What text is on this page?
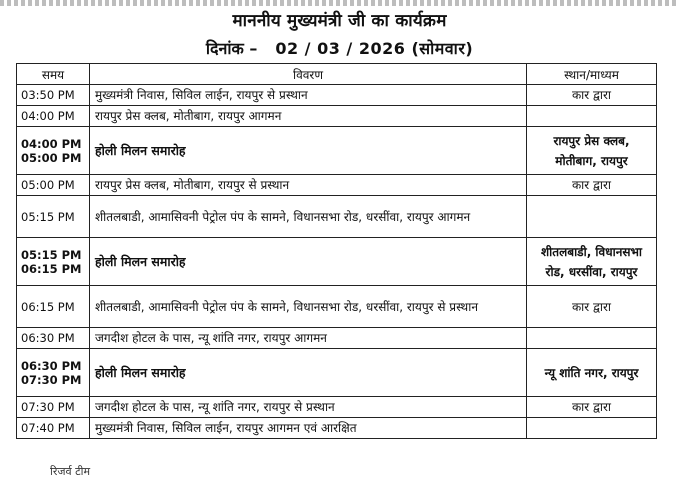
माननीय मुख्यमंत्री जी का कार्यक्रम
दिनांक – 02 / 03 / 2026 (सोमवार)
समय	विवरण	स्थान/माध्यम

03:50 PM	मुख्यमंत्री निवास, सिविल लाईन, रायपुर से प्रस्थान	कार द्वारा

04:00 PM	रायपुर प्रेस क्लब, मोतीबाग, रायपुर आगमन	

04:00 PM
05:00 PM	होली मिलन समारोह	रायपुर प्रेस क्लब, मोतीबाग, रायपुर

05:00 PM	रायपुर प्रेस क्लब, मोतीबाग, रायपुर से प्रस्थान	कार द्वारा

05:15 PM	शीतलबाडी, आमासिवनी पेट्रोल पंप के सामने, विधानसभा रोड, धरसींवा, रायपुर आगमन	

05:15 PM
06:15 PM	होली मिलन समारोह	शीतलबाडी, विधानसभा रोड, धरसींवा, रायपुर

06:15 PM	शीतलबाडी, आमासिवनी पेट्रोल पंप के सामने, विधानसभा रोड, धरसींवा, रायपुर से प्रस्थान	कार द्वारा

06:30 PM	जगदीश होटल के पास, न्यू शांति नगर, रायपुर आगमन	

06:30 PM
07:30 PM	होली मिलन समारोह	न्यू शांति नगर, रायपुर

07:30 PM	जगदीश होटल के पास, न्यू शांति नगर, रायपुर से प्रस्थान	कार द्वारा

07:40 PM	मुख्यमंत्री निवास, सिविल लाईन, रायपुर आगमन एवं आरक्षित	
रिजर्व टीम
